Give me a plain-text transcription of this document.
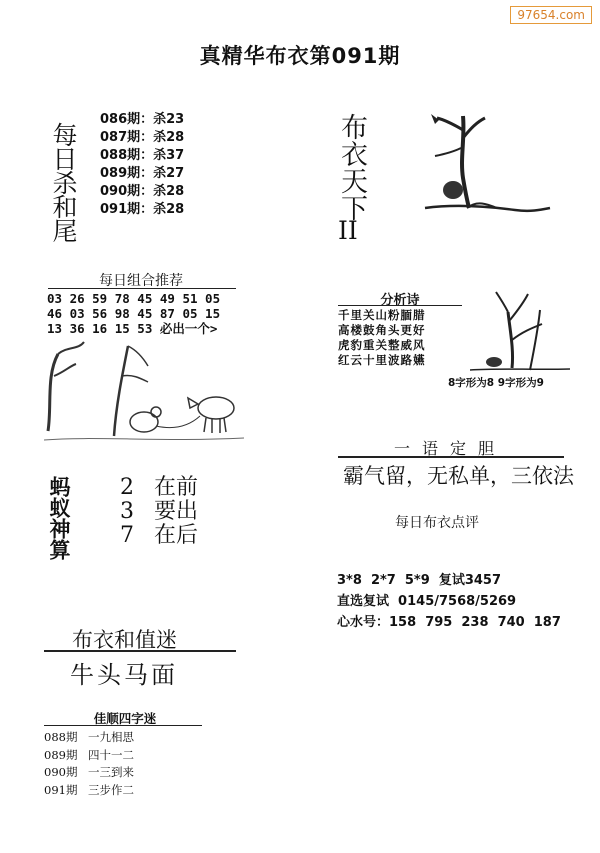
97654.com
真精华布衣第091期
每日杀和尾
086期：杀23
087期：杀28
088期：杀37
089期：杀27
090期：杀28
091期：杀28	布衣天下
II
每日组合推荐
03 26 59 78 45 49 51 05
46 03 56 98 45 87 05 15
13 36 16 15 53 必出一个>
蚂蚁神算 2 在前
3 要出
7 在后
分析诗
千里关山粉腼腊
高楼鼓角头更好
虎豹重关整威风
红云十里波路嬿
8字形为8 9字形为9
一语定胆
霸气留，无私单，三依法
每日布衣点评
3*8  2*7  5*9  复试3457
直选复试  0145/7568/5269
心水号：158  795  238  740  187
布衣和值迷
牛头马面
佳顺四字迷
088期 一九相思
089期 四十一二
090期 一三到来
091期 三步作二
